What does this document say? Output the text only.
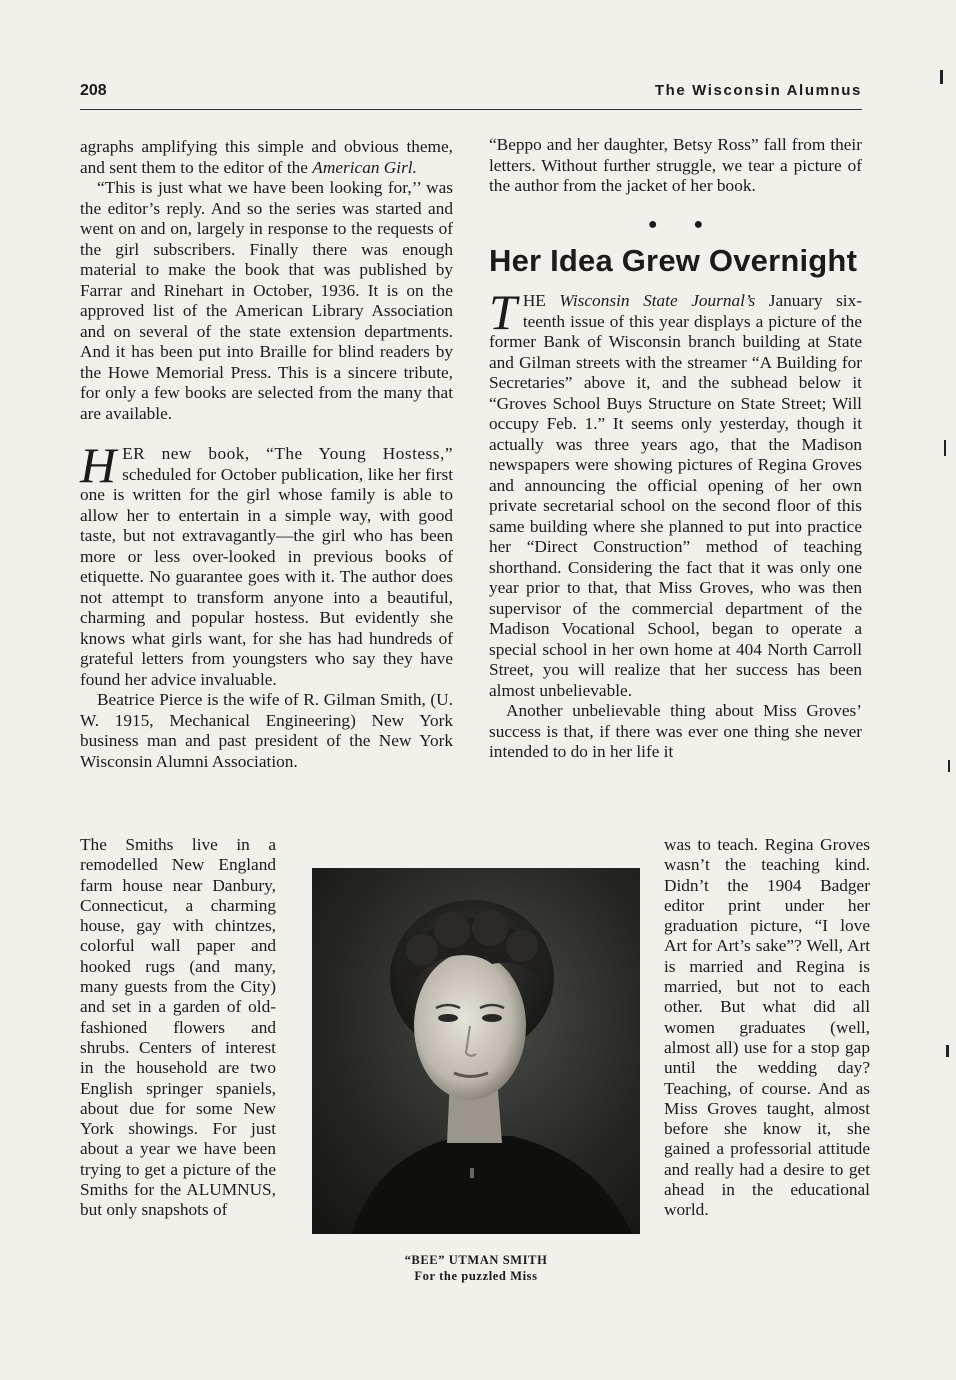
208	The Wisconsin Alumnus

agraphs amplifying this simple and obvious theme, and sent them to the editor of the American Girl.

“This is just what we have been looking for,’’ was the editor’s reply. And so the series was started and went on and on, largely in response to the requests of the girl subscribers. Finally there was enough material to make the book that was published by Farrar and Rinehart in October, 1936. It is on the approved list of the American Library Association and on several of the state extension departments. And it has been put into Braille for blind readers by the Howe Memorial Press. This is a sincere tribute, for only a few books are selected from the many that are available.

HER new book, “The Young Hostess,” scheduled for October publication, like her first one is written for the girl whose family is able to allow her to entertain in a simple way, with good taste, but not extravagantly—the girl who has been more or less over-looked in previous books of etiquette. No guarantee goes with it. The author does not attempt to transform anyone into a beautiful, charming and popular hostess. But evidently she knows what girls want, for she has had hundreds of grateful letters from youngsters who say they have found her advice invaluable.

Beatrice Pierce is the wife of R. Gilman Smith, (U. W. 1915, Mechanical Engineering) New York business man and past president of the New York Wisconsin Alumni Association.

The Smiths live in a remodelled New England farm house near Danbury, Connecticut, a charming house, gay with chintzes, colorful wall paper and hooked rugs (and many, many guests from the City) and set in a garden of old-fashioned flowers and shrubs. Centers of interest in the household are two English springer spaniels, about due for some New York showings. For just about a year we have been trying to get a picture of the Smiths for the ALUMNUS, but only snapshots of

“Beppo and her daughter, Betsy Ross” fall from their letters. Without further struggle, we tear a picture of the author from the jacket of her book.

● ●
Her Idea Grew Overnight

THE Wisconsin State Journal’s January six- teenth issue of this year displays a picture of the former Bank of Wisconsin branch building at State and Gilman streets with the streamer “A Building for Secretaries” above it, and the subhead below it “Groves School Buys Structure on State Street; Will occupy Feb. 1.” It seems only yesterday, though it actually was three years ago, that the Madison newspapers were showing pictures of Regina Groves and announcing the official opening of her own private secretarial school on the second floor of this same building where she planned to put into practice her “Direct Construction” method of teaching shorthand. Considering the fact that it was only one year prior to that, that Miss Groves, who was then supervisor of the commercial department of the Madison Vocational School, began to operate a special school in her own home at 404 North Carroll Street, you will realize that her success has been almost unbelievable.

Another unbelievable thing about Miss Groves’ success is that, if there was ever one thing she never intended to do in her life it

was to teach. Regina Groves wasn’t the teaching kind. Didn’t the 1904 Badger editor print under her graduation picture, “I love Art for Art’s sake”? Well, Art is married and Regina is married, but not to each other. But what did all women graduates (well, almost all) use for a stop gap until the wedding day? Teaching, of course. And as Miss Groves taught, almost before she know it, she gained a professorial attitude and really had a desire to get ahead in the educational world.

“BEE” UTMAN SMITH
For the puzzled Miss
